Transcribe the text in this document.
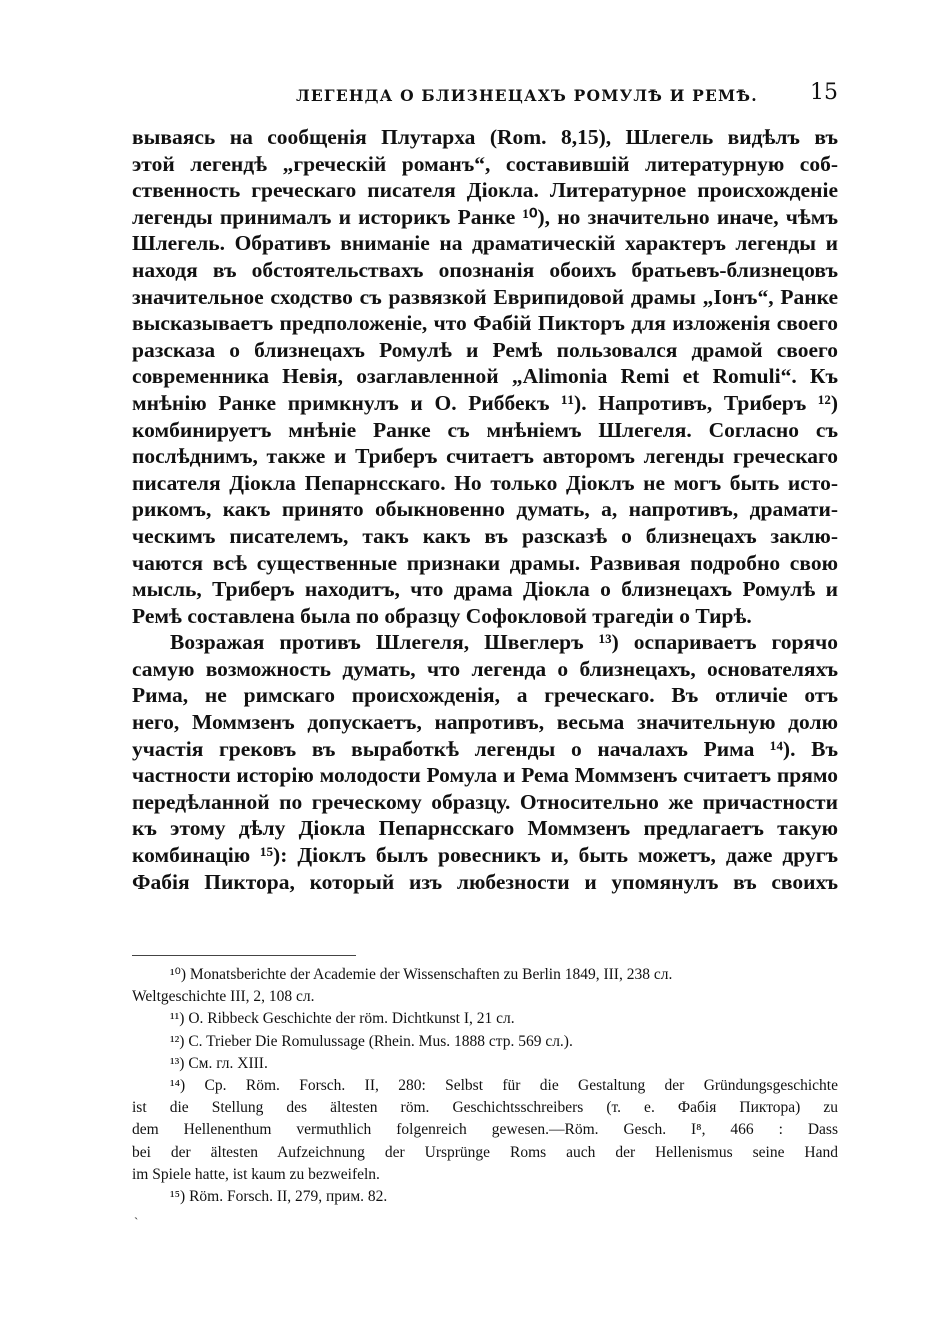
ЛЕГЕНДА О БЛИЗНЕЦАХЪ РОМУЛѢ И РЕМѢ. 15
вываясь на сообщенія Плутарха (Rom. 8,15), Шлегель видѣлъ въ
этой легендѣ „греческій романъ“, составившій литературную соб-
ственность греческаго писателя Діокла. Литературное происхожденіе
легенды принималъ и историкъ Ранке ¹⁰), но значительно иначе, чѣмъ
Шлегель. Обративъ вниманіе на драматическій характеръ легенды и
находя въ обстоятельствахъ опознанія обоихъ братьевъ-близнецовъ
значительное сходство съ развязкой Еврипидовой драмы „Іонъ“, Ранке
высказываетъ предположеніе, что Фабій Пикторъ для изложенія своего
разсказа о близнецахъ Ромулѣ и Ремѣ пользовался драмой своего
современника Невія, озаглавленной „Alimonia Remi et Romuli“. Къ
мнѣнію Ранке примкнулъ и О. Риббекъ ¹¹). Напротивъ, Триберъ ¹²)
комбинируетъ мнѣніе Ранке съ мнѣніемъ Шлегеля. Согласно съ
послѣднимъ, также и Триберъ считаетъ авторомъ легенды греческаго
писателя Діокла Пепарнсскаго. Но только Діоклъ не могъ быть исто-
рикомъ, какъ принято обыкновенно думать, а, напротивъ, драмати-
ческимъ писателемъ, такъ какъ въ разсказѣ о близнецахъ заклю-
чаются всѣ существенные признаки драмы. Развивая подробно свою
мысль, Триберъ находитъ, что драма Діокла о близнецахъ Ромулѣ и
Ремѣ составлена была по образцу Софокловой трагедіи о Тирѣ.
Возражая противъ Шлегеля, Швеглеръ ¹³) оспариваетъ горячо
самую возможность думать, что легенда о близнецахъ, основателяхъ
Рима, не римскаго происхожденія, а греческаго. Въ отличіе отъ
него, Моммзенъ допускаетъ, напротивъ, весьма значительную долю
участія грековъ въ выработкѣ легенды о началахъ Рима ¹⁴). Въ
частности исторію молодости Ромула и Рема Моммзенъ считаетъ прямо
передѣланной по греческому образцу. Относительно же причастности
къ этому дѣлу Діокла Пепарнсскаго Моммзенъ предлагаетъ такую
комбинацію ¹⁵): Діоклъ былъ ровесникъ и, быть можетъ, даже другъ
Фабія Пиктора, который изъ любезности и упомянулъ въ своихъ
¹⁰) Monatsberichte der Academie der Wissenschaften zu Berlin 1849, III, 238 сл.
Weltgeschichte III, 2, 108 сл.
¹¹) O. Ribbeck Geschichte der röm. Dichtkunst I, 21 сл.
¹²) C. Trieber Die Romulussage (Rhein. Mus. 1888 стр. 569 сл.).
¹³) См. гл. XIII.
¹⁴) Ср. Röm. Forsch. II, 280: Selbst für die Gestaltung der Gründungsgeschichte
ist die Stellung des ältesten röm. Geschichtsschreibers (т. е. Фабія Пиктора) zu
dem Hellenenthum vermuthlich folgenreich gewesen.—Röm. Gesch. I⁸, 466 : Dass
bei der ältesten Aufzeichnung der Ursprünge Roms auch der Hellenismus seine Hand
im Spiele hatte, ist kaum zu bezweifeln.
¹⁵) Röm. Forsch. II, 279, прим. 82.
ˎ
